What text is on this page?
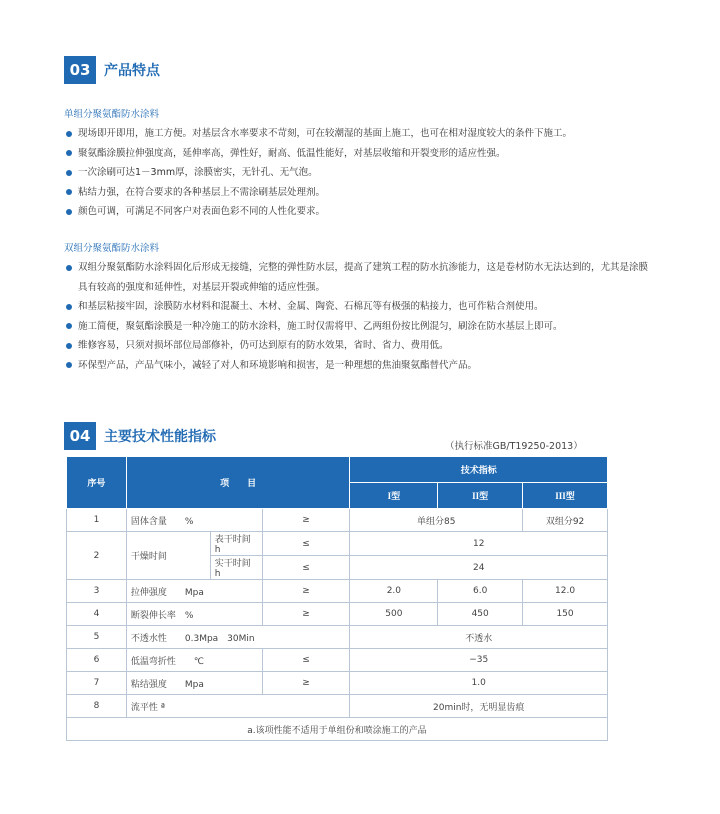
03 产品特点
单组分聚氨酯防水涂料
现场即开即用，施工方便。对基层含水率要求不苛刻，可在较潮湿的基面上施工，也可在相对湿度较大的条件下施工。
聚氨酯涂膜拉伸强度高，延伸率高，弹性好，耐高、低温性能好，对基层收缩和开裂变形的适应性强。
一次涂刷可达1－3mm厚，涂膜密实，无针孔、无气泡。
粘结力强，在符合要求的各种基层上不需涂刷基层处理剂。
颜色可调，可满足不同客户对表面色彩不同的人性化要求。
双组分聚氨酯防水涂料
双组分聚氨酯防水涂料固化后形成无接缝，完整的弹性防水层，提高了建筑工程的防水抗渗能力，这是卷材防水无法达到的，尤其是涂膜具有较高的强度和延伸性，对基层开裂或伸缩的适应性强。
和基层粘接牢固，涂膜防水材料和混凝土、木材、金属、陶瓷、石棉瓦等有极强的粘接力，也可作粘合剂使用。
施工简便，聚氨酯涂膜是一种冷施工的防水涂料，施工时仅需将甲、乙两组份按比例混匀，刷涂在防水基层上即可。
维修容易，只须对损坏部位局部修补，仍可达到原有的防水效果，省时、省力、费用低。
环保型产品，产品气味小，减轻了对人和环境影响和损害，是一种理想的焦油聚氨酯替代产品。
04 主要技术性能指标
（执行标准GB/T19250-2013）
序号	项　　目			技术指标		
				I型	II型	III型
1	固体含量　　%		≥	单组分85		双组分92
2	干燥时间	表干时间　h	≤	12		
		实干时间　h	≤	24		
3	拉伸强度　　Mpa		≥	2.0	6.0	12.0
4	断裂伸长率　%		≥	500	450	150
5	不透水性　　0.3Mpa　30Min			不透水		
6	低温弯折性　　℃		≤	−35		
7	粘结强度　　Mpa		≥	1.0		
8	流平性 ª			20min时，无明显齿痕		
a.该项性能不适用于单组份和喷涂施工的产品						
